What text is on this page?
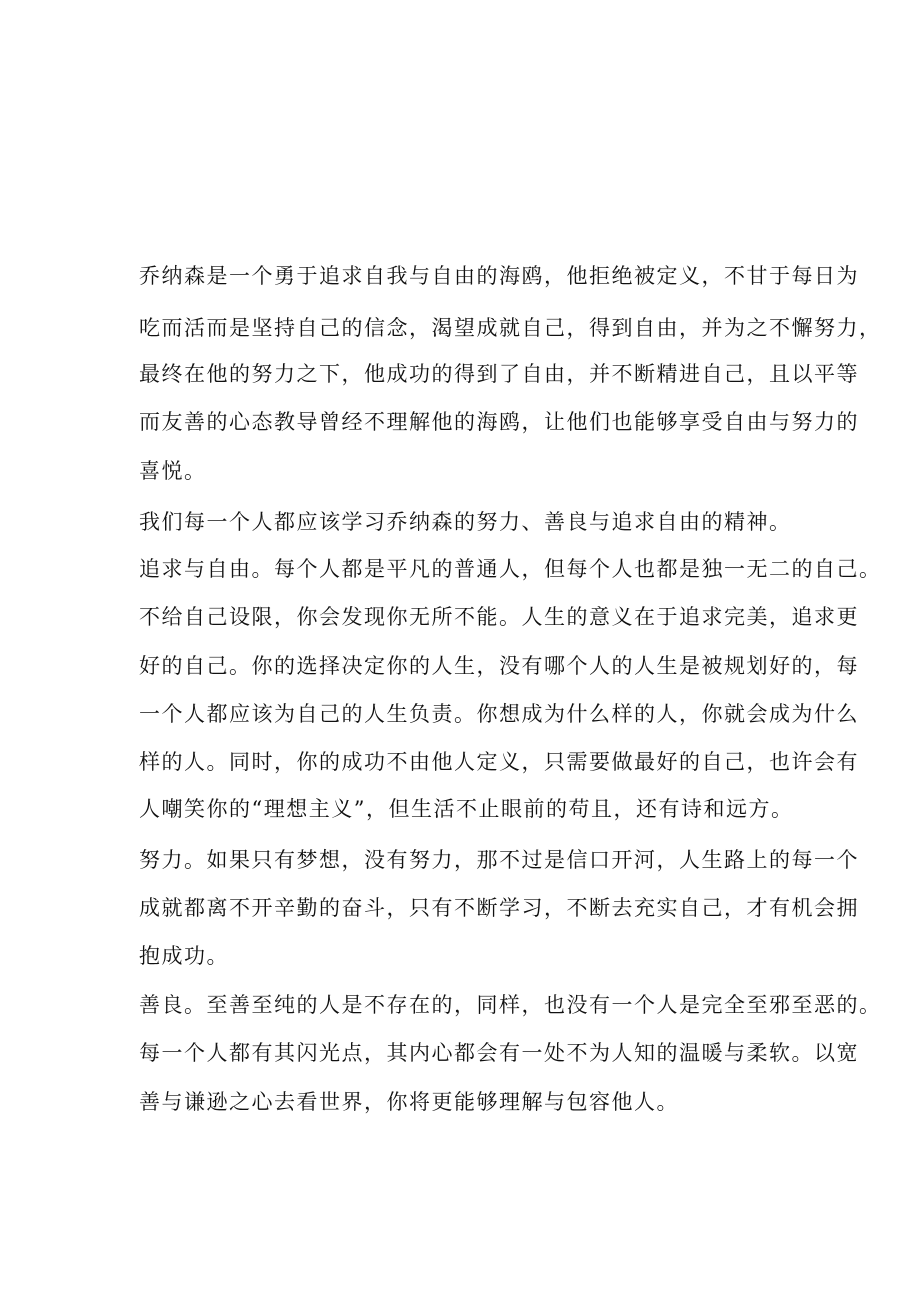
乔纳森是一个勇于追求自我与自由的海鸥，他拒绝被定义，不甘于每日为
吃而活而是坚持自己的信念，渴望成就自己，得到自由，并为之不懈努力，
最终在他的努力之下，他成功的得到了自由，并不断精进自己，且以平等
而友善的心态教导曾经不理解他的海鸥，让他们也能够享受自由与努力的
喜悦。
我们每一个人都应该学习乔纳森的努力、善良与追求自由的精神。
追求与自由。每个人都是平凡的普通人，但每个人也都是独一无二的自己。
不给自己设限，你会发现你无所不能。人生的意义在于追求完美，追求更
好的自己。你的选择决定你的人生，没有哪个人的人生是被规划好的，每
一个人都应该为自己的人生负责。你想成为什么样的人，你就会成为什么
样的人。同时，你的成功不由他人定义，只需要做最好的自己，也许会有
人嘲笑你的“理想主义”，但生活不止眼前的苟且，还有诗和远方。
努力。如果只有梦想，没有努力，那不过是信口开河，人生路上的每一个
成就都离不开辛勤的奋斗，只有不断学习，不断去充实自己，才有机会拥
抱成功。
善良。至善至纯的人是不存在的，同样，也没有一个人是完全至邪至恶的。
每一个人都有其闪光点，其内心都会有一处不为人知的温暖与柔软。以宽
善与谦逊之心去看世界，你将更能够理解与包容他人。
